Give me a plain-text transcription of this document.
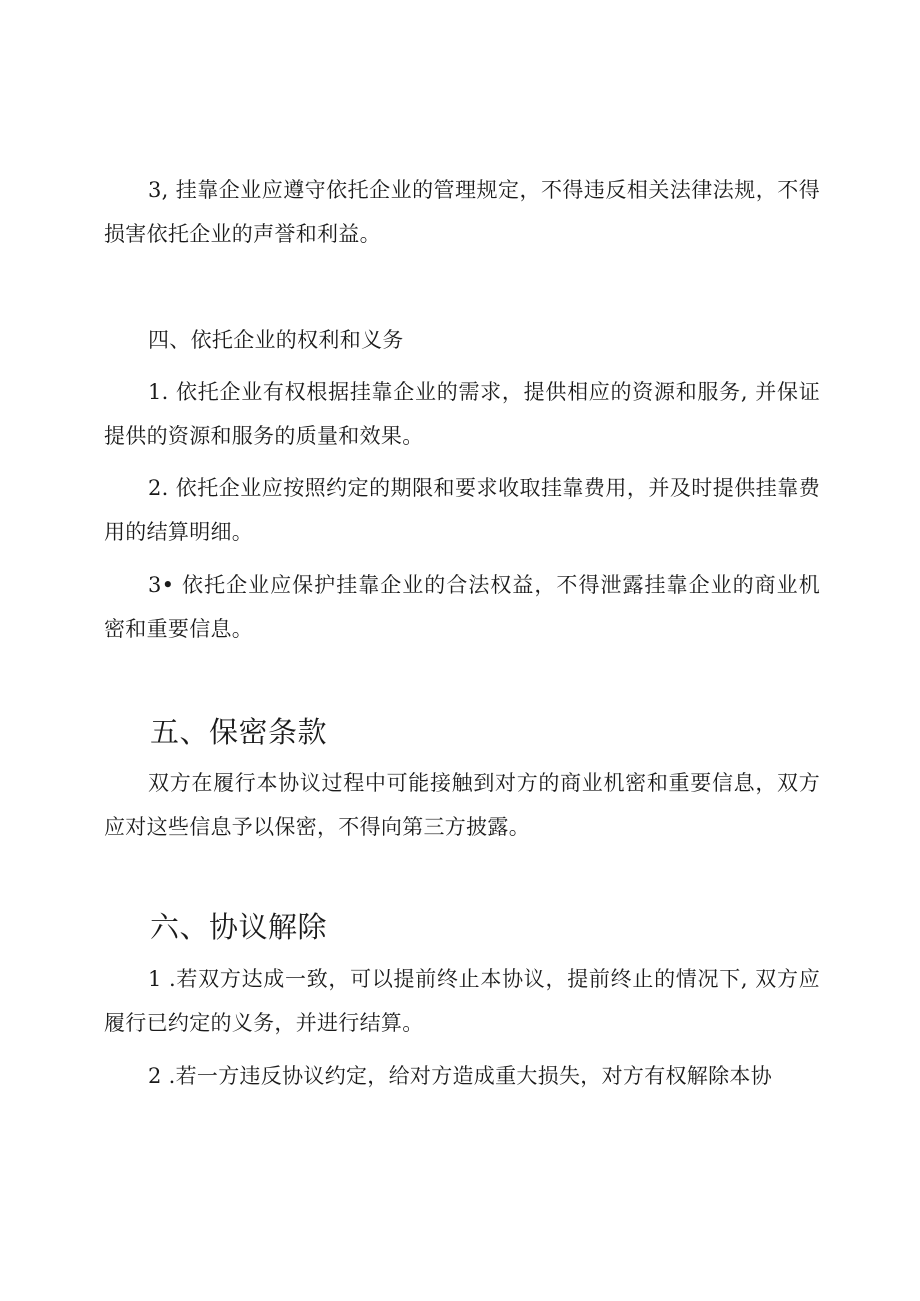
3, 挂靠企业应遵守依托企业的管理规定，不得违反相关法律法规，不得损害依托企业的声誉和利益。

四、依托企业的权利和义务

1. 依托企业有权根据挂靠企业的需求，提供相应的资源和服务, 并保证提供的资源和服务的质量和效果。

2. 依托企业应按照约定的期限和要求收取挂靠费用，并及时提供挂靠费用的结算明细。

3• 依托企业应保护挂靠企业的合法权益，不得泄露挂靠企业的商业机密和重要信息。

五、保密条款

双方在履行本协议过程中可能接触到对方的商业机密和重要信息，双方应对这些信息予以保密，不得向第三方披露。

六、协议解除

1 .若双方达成一致，可以提前终止本协议，提前终止的情况下, 双方应履行已约定的义务，并进行结算。

2 .若一方违反协议约定，给对方造成重大损失，对方有权解除本协
